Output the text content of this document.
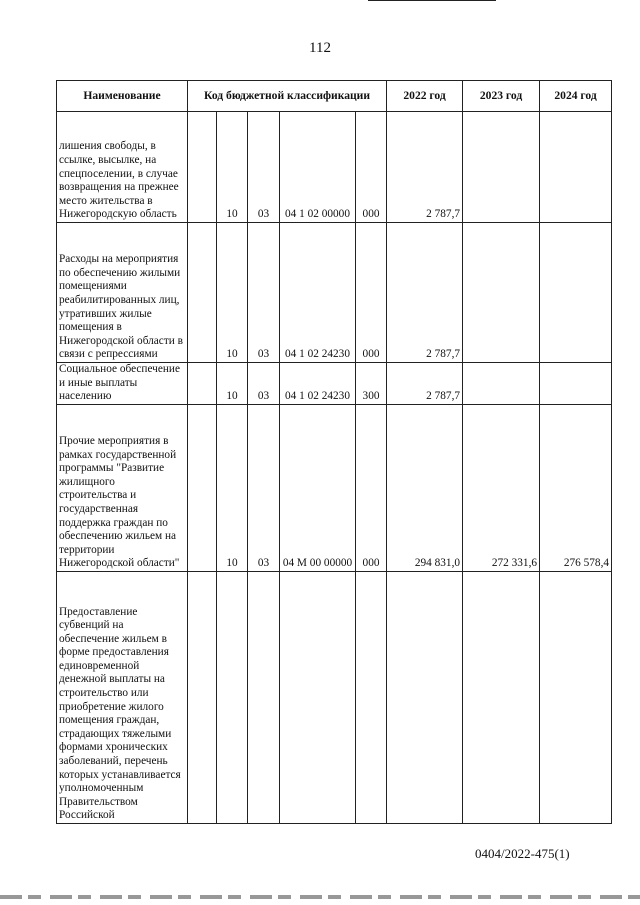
112
Наименование	Код бюджетной классификации					2022 год	2023 год	2024 год
лишения свободы, в ссылке, высылке, на спецпоселении, в случае возвращения на прежнее место жительства в Нижегородскую область		10	03	04 1 02 00000	000	2 787,7		
Расходы на мероприятия по обеспечению жилыми помещениями реабилитированных лиц, утративших жилые помещения в Нижегородской области в связи с репрессиями		10	03	04 1 02 24230	000	2 787,7		
Социальное обеспечение и иные выплаты населению		10	03	04 1 02 24230	300	2 787,7		
Прочие мероприятия в рамках государственной программы "Развитие жилищного строительства и государственная поддержка граждан по обеспечению жильем на территории Нижегородской области"		10	03	04 М 00 00000	000	294 831,0	272 331,6	276 578,4
Предоставление субвенций на обеспечение жильем в форме предоставления единовременной денежной выплаты на строительство или приобретение жилого помещения граждан, страдающих тяжелыми формами хронических заболеваний, перечень которых устанавливается уполномоченным Правительством Российской								
0404/2022-475(1)
